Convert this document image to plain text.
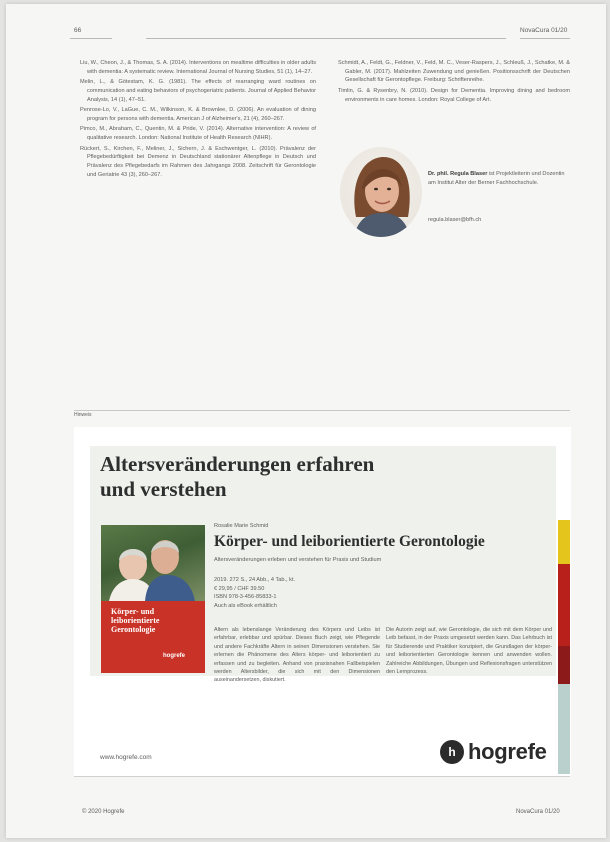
66	NovaCura 01/20

Liu, W., Cheon, J., & Thomas, S. A. (2014). Interventions on mealtime difficulties in older adults with dementia: A systematic review. International Journal of Nursing Studies, 51 (1), 14–27.

Melin, L., & Götestam, K. G. (1981). The effects of rearranging ward routines on communication and eating behaviors of psychogeriatric patients. Journal of Applied Behavior Analysis, 14 (1), 47–51.

Penrose-Lo, V., LaGue, C. M., Wilkinson, K. & Brownlee, D. (2006). An evaluation of dining program for persons with dementia. American J of Alzheimer's, 21 (4), 260–267.

Pimco, M., Abraham, C., Quentin, M. & Pride, V. (2014). Alternative intervention: A review of qualitative research. London: National Institute of Health Research (NIHR).

Rückert, S., Kirchen, F., Meliner, J., Sichern, J. & Eschwentger, L. (2010). Prävalenz der Pflegebedürftigkeit bei Demenz in Deutschland stationärer Altenpflege in Deutsch und Prävalenz des Pflegebedarfs im Rahmen des Jahrgangs 2008. Zeitschrift für Gerontologie und Geriatrie 43 (3), 260–267.

Schmidt, A., Feldt, G., Feldner, V., Feld, M. C., Veser-Raspers, J., Schleuß, J., Schatke, M. & Gabler, M. (2017). Mahlzeiten Zuwendung und genießen. Positionsschrift der Deutschen Gesellschaft für Gerontopflege. Freiburg: Schriftenreihe.

Timlin, G. & Rysenbry, N. (2010). Design for Dementia. Improving dining and bedroom environments in care homes. London: Royal College of Art.

Dr. phil. Regula Blaser ist Projektleiterin und Dozentin am Institut Alter der Berner Fachhochschule.
regula.blaser@bfh.ch
Hinweis
Altersveränderungen erfahren
und verstehen
Körper- und
leiborientierte
Gerontologie
hogrefe
Rosalie Marie Schmid
Körper- und leiborientierte Gerontologie
Altersveränderungen erleben und verstehen für Praxis und Studium
2019. 272 S., 24 Abb., 4 Tab., kt.
€ 29,95 / CHF 39.50
ISBN 978-3-456-85833-1
Auch als eBook erhältlich
Altern als lebenslange Veränderung des Körpers und Leibs ist erfahrbar, erlebbar und spürbar. Dieses Buch zeigt, wie Pflegende und andere Fachkräfte Altern in seinen Dimensionen verstehen. Sie erlernen die Phänomene des Alters körper- und leiborientiert zu erfassen und zu begleiten. Anhand von praxisnahen Fallbeispielen werden Altersbilder, die sich mit den Dimensionen auseinandersetzen, diskutiert.
Die Autorin zeigt auf, wie Gerontologie, die sich mit dem Körper und Leib befasst, in der Praxis umgesetzt werden kann. Das Lehrbuch ist für Studierende und Praktiker konzipiert, die Grundlagen der körper- und leiborientierten Gerontologie kennen und anwenden wollen. Zahlreiche Abbildungen, Übungen und Reflexionsfragen unterstützen den Lernprozess.
www.hogrefe.com	h hogrefe
© 2020 Hogrefe	NovaCura 01/20
